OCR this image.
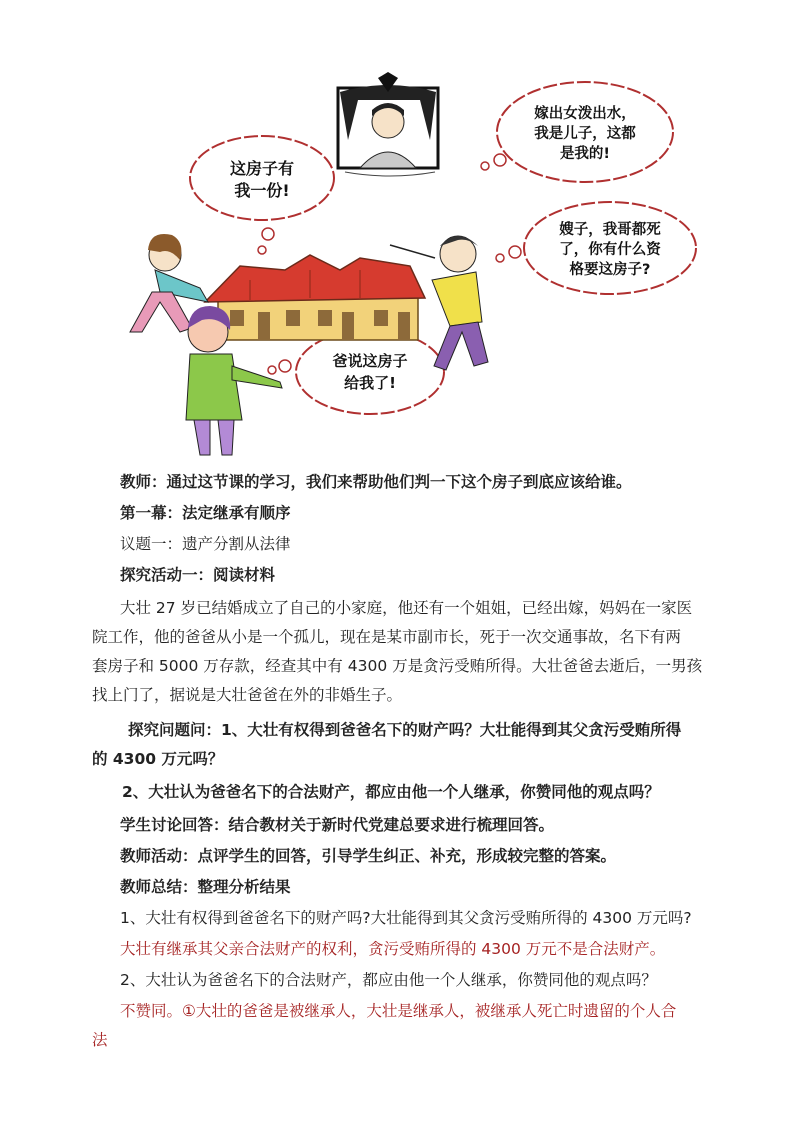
这房子有
我一份!
嫁出女泼出水，
我是儿子，这都
是我的!
嫂子，我哥都死
了，你有什么资
格要这房子?
爸说这房子
给我了!
教师：通过这节课的学习，我们来帮助他们判一下这个房子到底应该给谁。
第一幕：法定继承有顺序
议题一：遗产分割从法律
探究活动一：阅读材料
大壮 27 岁已结婚成立了自己的小家庭，他还有一个姐姐，已经出嫁，妈妈在一家医
院工作，他的爸爸从小是一个孤儿，现在是某市副市长，死于一次交通事故，名下有两
套房子和 5000 万存款，经查其中有 4300 万是贪污受贿所得。大壮爸爸去逝后，一男孩
找上门了，据说是大壮爸爸在外的非婚生子。
探究问题问：1、大壮有权得到爸爸名下的财产吗？大壮能得到其父贪污受贿所得
的 4300 万元吗？
2、大壮认为爸爸名下的合法财产，都应由他一个人继承，你赞同他的观点吗？
学生讨论回答：结合教材关于新时代党建总要求进行梳理回答。
教师活动：点评学生的回答，引导学生纠正、补充，形成较完整的答案。
教师总结：整理分析结果
1、大壮有权得到爸爸名下的财产吗?大壮能得到其父贪污受贿所得的 4300 万元吗?
大壮有继承其父亲合法财产的权利，贪污受贿所得的 4300 万元不是合法财产。
2、大壮认为爸爸名下的合法财产，都应由他一个人继承，你赞同他的观点吗？
不赞同。①大壮的爸爸是被继承人，大壮是继承人，被继承人死亡时遗留的个人合
法
